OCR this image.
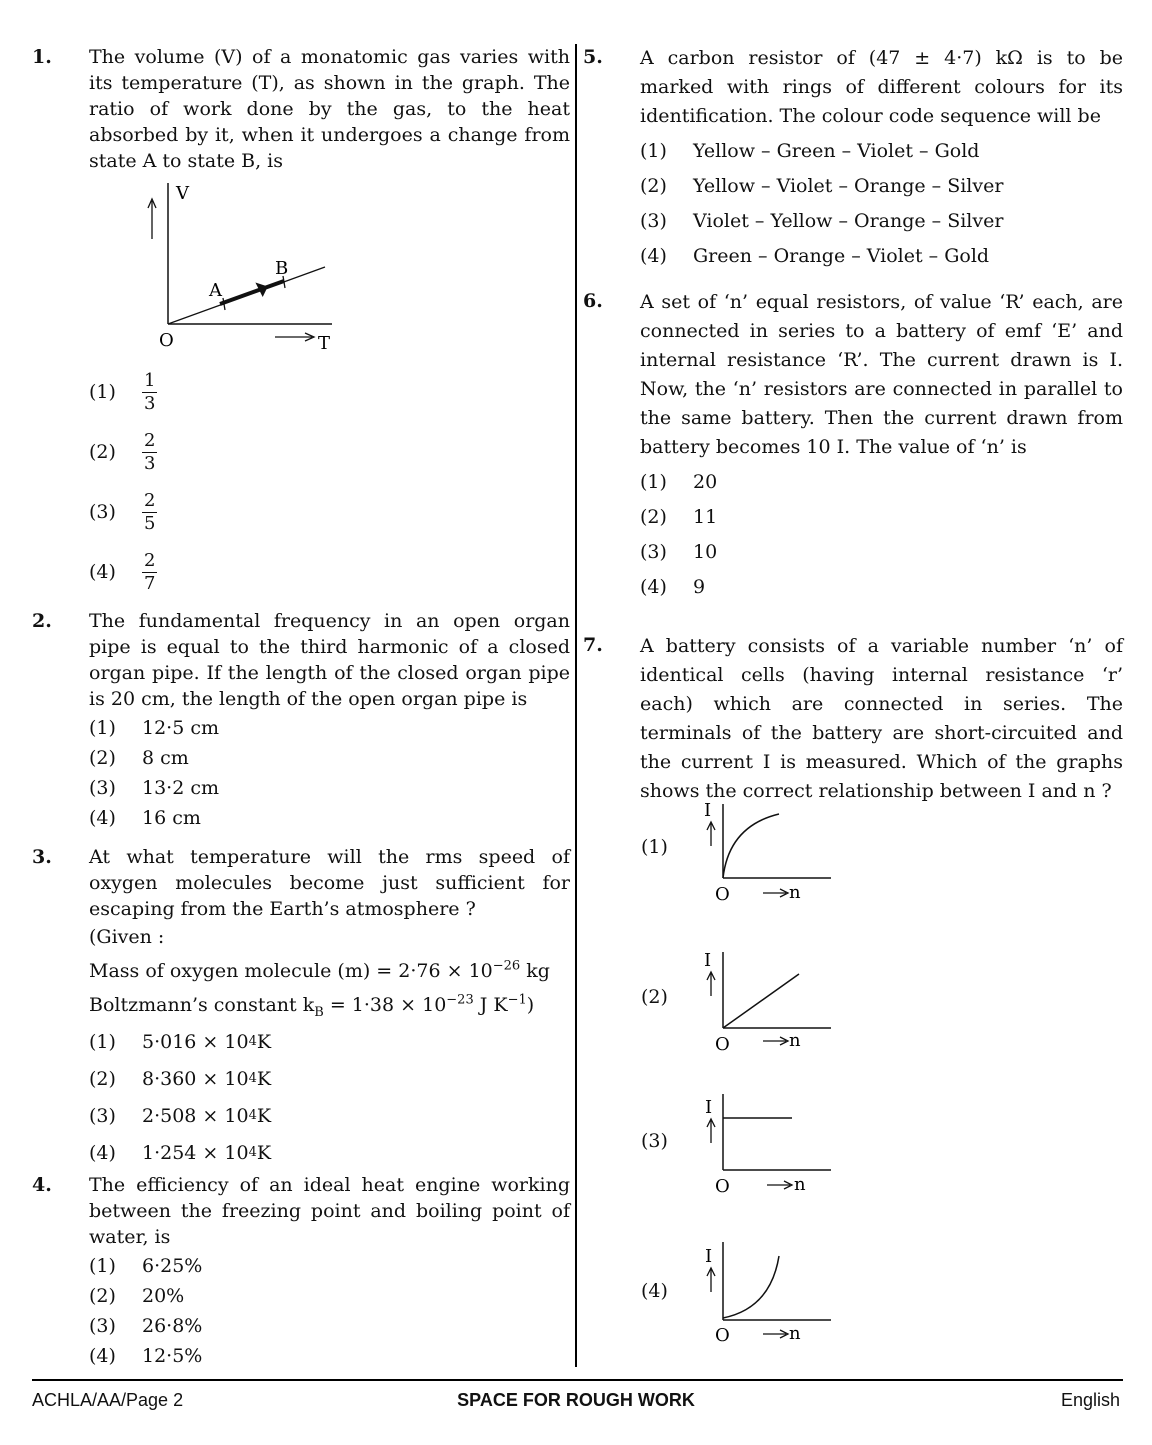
1. The volume (V) of a monatomic gas varies with its temperature (T), as shown in the graph. The ratio of work done by the gas, to the heat absorbed by it, when it undergoes a change from state A to state B, is
V
T
O
A
B
(1)	$\frac{1}{3}$
(2)	$\frac{2}{3}$
(3)	$\frac{2}{5}$
(4)	$\frac{2}{7}$
2. The fundamental frequency in an open organ pipe is equal to the third harmonic of a closed organ pipe. If the length of the closed organ pipe is 20 cm, the length of the open organ pipe is
(1)	12·5 cm
(2)	8 cm
(3)	13·2 cm
(4)	16 cm
3. At what temperature will the rms speed of oxygen molecules become just sufficient for escaping from the Earth’s atmosphere ?
(Given :
Mass of oxygen molecule $(m) = 2\cdot 76 \times 10^{-26}$ kg
Boltzmann’s constant $k_B = 1\cdot 38 \times 10^{-23}$ J $K^{-1}$)
(1)	5·016 × 10 4 K
(2)	8·360 × 10 4 K
(3)	2·508 × 10 4 K
(4)	1·254 × 10 4 K
4. The efficiency of an ideal heat engine working between the freezing point and boiling point of water, is
(1)	6·25%
(2)	20%
(3)	26·8%
(4)	12·5%
5. A carbon resistor of (47 ± 4·7) kΩ is to be marked with rings of different colours for its identification. The colour code sequence will be
(1)	Yellow – Green – Violet – Gold
(2)	Yellow – Violet – Orange – Silver
(3)	Violet – Yellow – Orange – Silver
(4)	Green – Orange – Violet – Gold
6. A set of ‘n’ equal resistors, of value ‘R’ each, are connected in series to a battery of emf ‘E’ and internal resistance ‘R’. The current drawn is I. Now, the ‘n’ resistors are connected in parallel to the same battery. Then the current drawn from battery becomes 10 I. The value of ‘n’ is
(1)	20
(2)	11
(3)	10
(4)	9
7. A battery consists of a variable number ‘n’ of identical cells (having internal resistance ‘r’ each) which are connected in series. The terminals of the battery are short-circuited and the current I is measured. Which of the graphs shows the correct relationship between I and n ?
(1)
I
O	n
(2)
I
O	n
(3)
I
O	n
(4)
I
O	n
ACHLA/AA/Page 2	SPACE FOR ROUGH WORK	English
